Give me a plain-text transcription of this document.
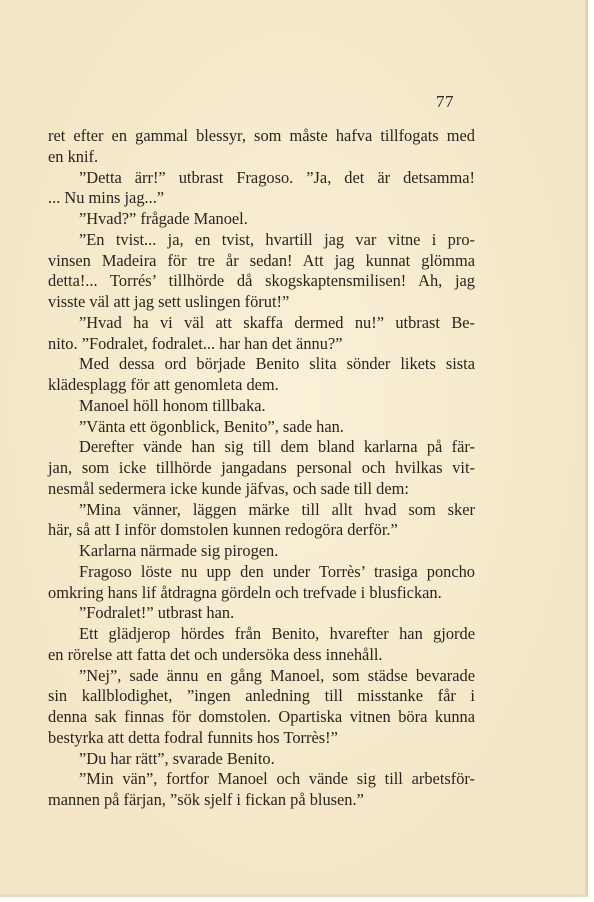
77
ret efter en gammal blessyr, som måste hafva tillfogats med
en knif.
”Detta ärr!” utbrast Fragoso. ”Ja, det är detsamma!
... Nu mins jag...”
”Hvad?” frågade Manoel.
”En tvist... ja, en tvist, hvartill jag var vitne i pro-
vinsen Madeira för tre år sedan! Att jag kunnat glömma
detta!... Torrés’ tillhörde då skogskaptensmilisen! Ah, jag
visste väl att jag sett uslingen förut!”
”Hvad ha vi väl att skaffa dermed nu!” utbrast Be-
nito. ”Fodralet, fodralet... har han det ännu?”
Med dessa ord började Benito slita sönder likets sista
klädesplagg för att genomleta dem.
Manoel höll honom tillbaka.
”Vänta ett ögonblick, Benito”, sade han.
Derefter vände han sig till dem bland karlarna på fär-
jan, som icke tillhörde jangadans personal och hvilkas vit-
nesmål sedermera icke kunde jäfvas, och sade till dem:
”Mina vänner, läggen märke till allt hvad som sker
här, så att I inför domstolen kunnen redogöra derför.”
Karlarna närmade sig pirogen.
Fragoso löste nu upp den under Torrès’ trasiga poncho
omkring hans lif åtdragna gördeln och trefvade i blusfickan.
”Fodralet!” utbrast han.
Ett glädjerop hördes från Benito, hvarefter han gjorde
en rörelse att fatta det och undersöka dess innehåll.
”Nej”, sade ännu en gång Manoel, som städse bevarade
sin kallblodighet, ”ingen anledning till misstanke får i
denna sak finnas för domstolen. Opartiska vitnen böra kunna
bestyrka att detta fodral funnits hos Torrès!”
”Du har rätt”, svarade Benito.
”Min vän”, fortfor Manoel och vände sig till arbetsför-
mannen på färjan, ”sök sjelf i fickan på blusen.”
